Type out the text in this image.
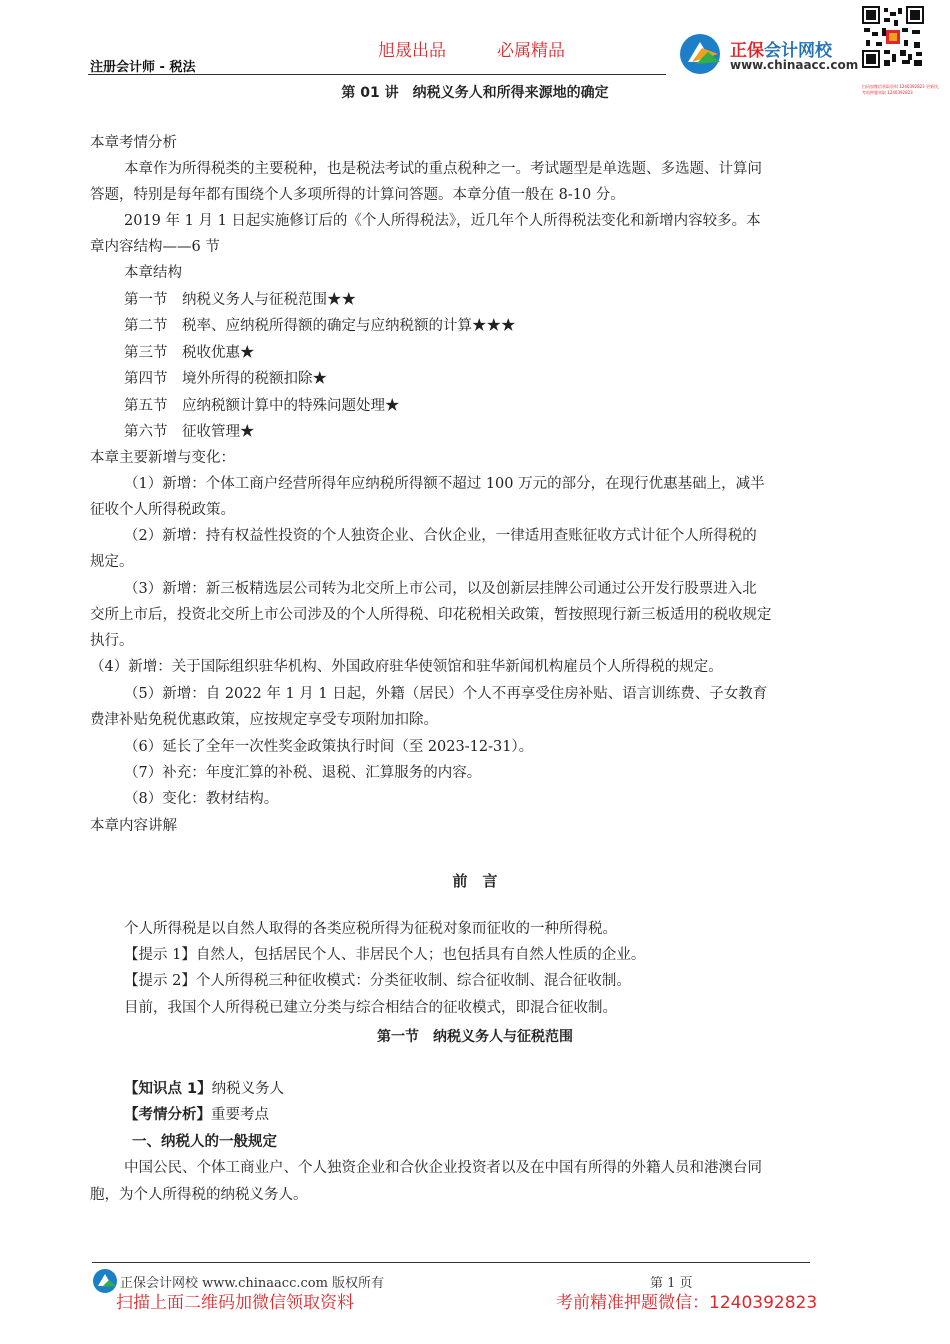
注册会计师 - 税法
旭晟出品	必属精品	正保会计网校
www.chinaacc.com
扫码加微信领取资料 1240392823 更新快，考前押题领取 1240392823
第 01 讲　纳税义务人和所得来源地的确定
本章考情分析
本章作为所得税类的主要税种，也是税法考试的重点税种之一。考试题型是单选题、多选题、计算问
答题，特别是每年都有围绕个人多项所得的计算问答题。本章分值一般在 8-10 分。
2019 年 1 月 1 日起实施修订后的《个人所得税法》，近几年个人所得税法变化和新增内容较多。本
章内容结构——6 节
本章结构
第一节　纳税义务人与征税范围★★
第二节　税率、应纳税所得额的确定与应纳税额的计算★★★
第三节　税收优惠★
第四节　境外所得的税额扣除★
第五节　应纳税额计算中的特殊问题处理★
第六节　征收管理★
本章主要新增与变化：
（1）新增：个体工商户经营所得年应纳税所得额不超过 100 万元的部分，在现行优惠基础上，减半
征收个人所得税政策。
（2）新增：持有权益性投资的个人独资企业、合伙企业，一律适用查账征收方式计征个人所得税的
规定。
（3）新增：新三板精选层公司转为北交所上市公司，以及创新层挂牌公司通过公开发行股票进入北
交所上市后，投资北交所上市公司涉及的个人所得税、印花税相关政策，暂按照现行新三板适用的税收规定
执行。
（4）新增：关于国际组织驻华机构、外国政府驻华使领馆和驻华新闻机构雇员个人所得税的规定。
（5）新增：自 2022 年 1 月 1 日起，外籍（居民）个人不再享受住房补贴、语言训练费、子女教育
费津补贴免税优惠政策，应按规定享受专项附加扣除。
（6）延长了全年一次性奖金政策执行时间（至 2023-12-31）。
（7）补充：年度汇算的补税、退税、汇算服务的内容。
（8）变化：教材结构。
本章内容讲解
前　言
个人所得税是以自然人取得的各类应税所得为征税对象而征收的一种所得税。
【提示 1】自然人，包括居民个人、非居民个人；也包括具有自然人性质的企业。
【提示 2】个人所得税三种征收模式：分类征收制、综合征收制、混合征收制。
目前，我国个人所得税已建立分类与综合相结合的征收模式，即混合征收制。
第一节　纳税义务人与征税范围
【知识点 1】纳税义务人
【考情分析】重要考点
一、纳税人的一般规定
中国公民、个体工商业户、个人独资企业和合伙企业投资者以及在中国有所得的外籍人员和港澳台同
胞，为个人所得税的纳税义务人。
正保会计网校 www.chinaacc.com 版权所有	第 1 页
扫描上面二维码加微信领取资料	考前精准押题微信：1240392823
